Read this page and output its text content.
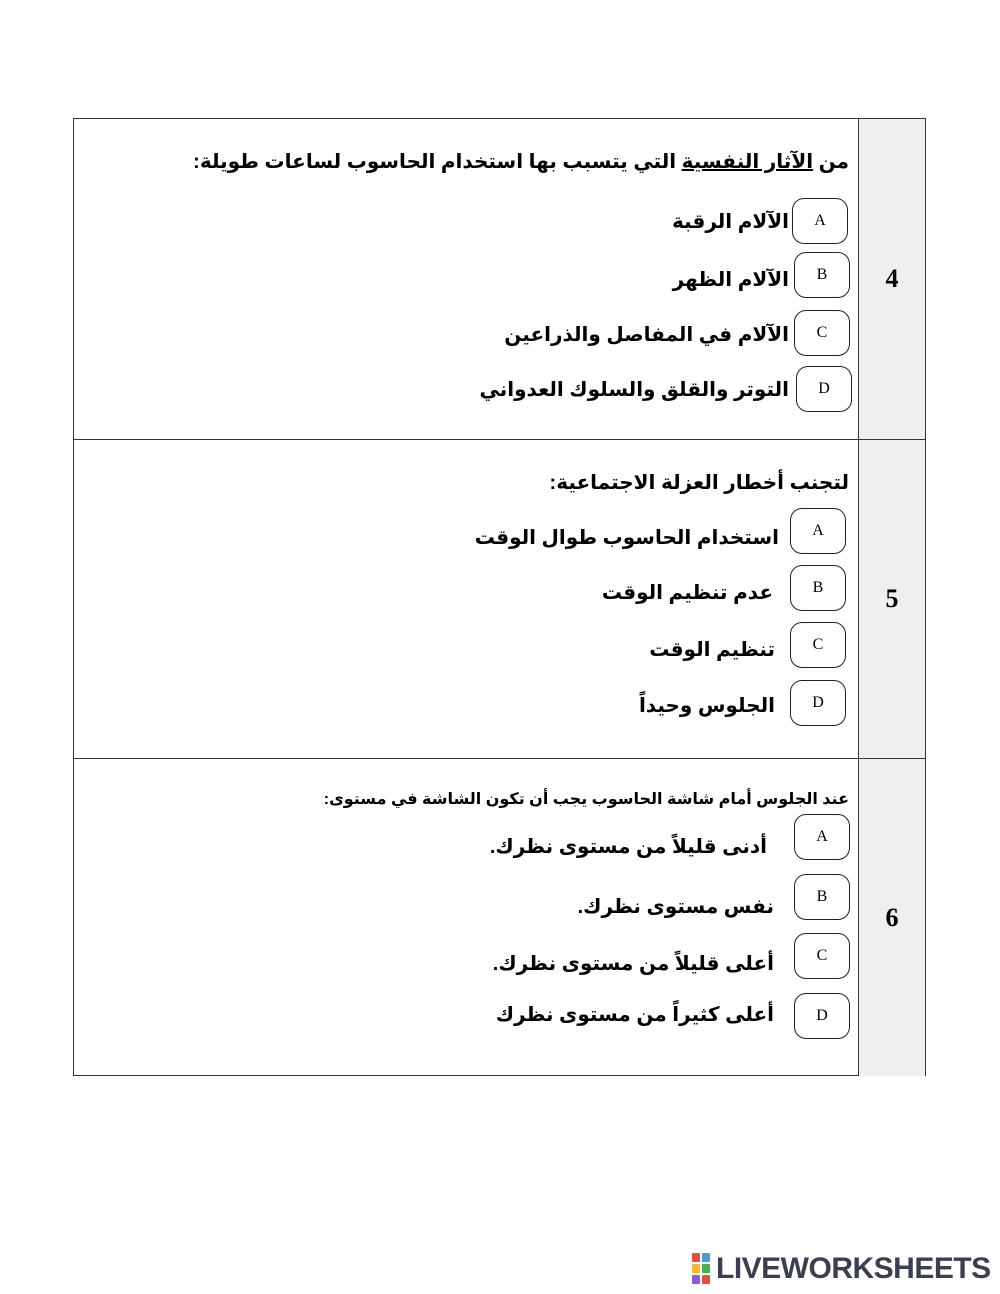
4
من الآثار النفسية التي يتسبب بها استخدام الحاسوب لساعات طويلة:
A
الآلام الرقبة
B
الآلام الظهر
C
الآلام في المفاصل والذراعين
D
التوتر والقلق والسلوك العدواني
5
لتجنب أخطار العزلة الاجتماعية:
A
استخدام الحاسوب طوال الوقت
B
عدم تنظيم الوقت
C
تنظيم الوقت
D
الجلوس وحيداً
6
عند الجلوس أمام شاشة الحاسوب يجب أن تكون الشاشة في مستوى:
A
أدنى قليلاً من مستوى نظرك.
B
نفس مستوى نظرك.
C
أعلى قليلاً من مستوى نظرك.
D
أعلى كثيراً من مستوى نظرك
LIVEWORKSHEETS
